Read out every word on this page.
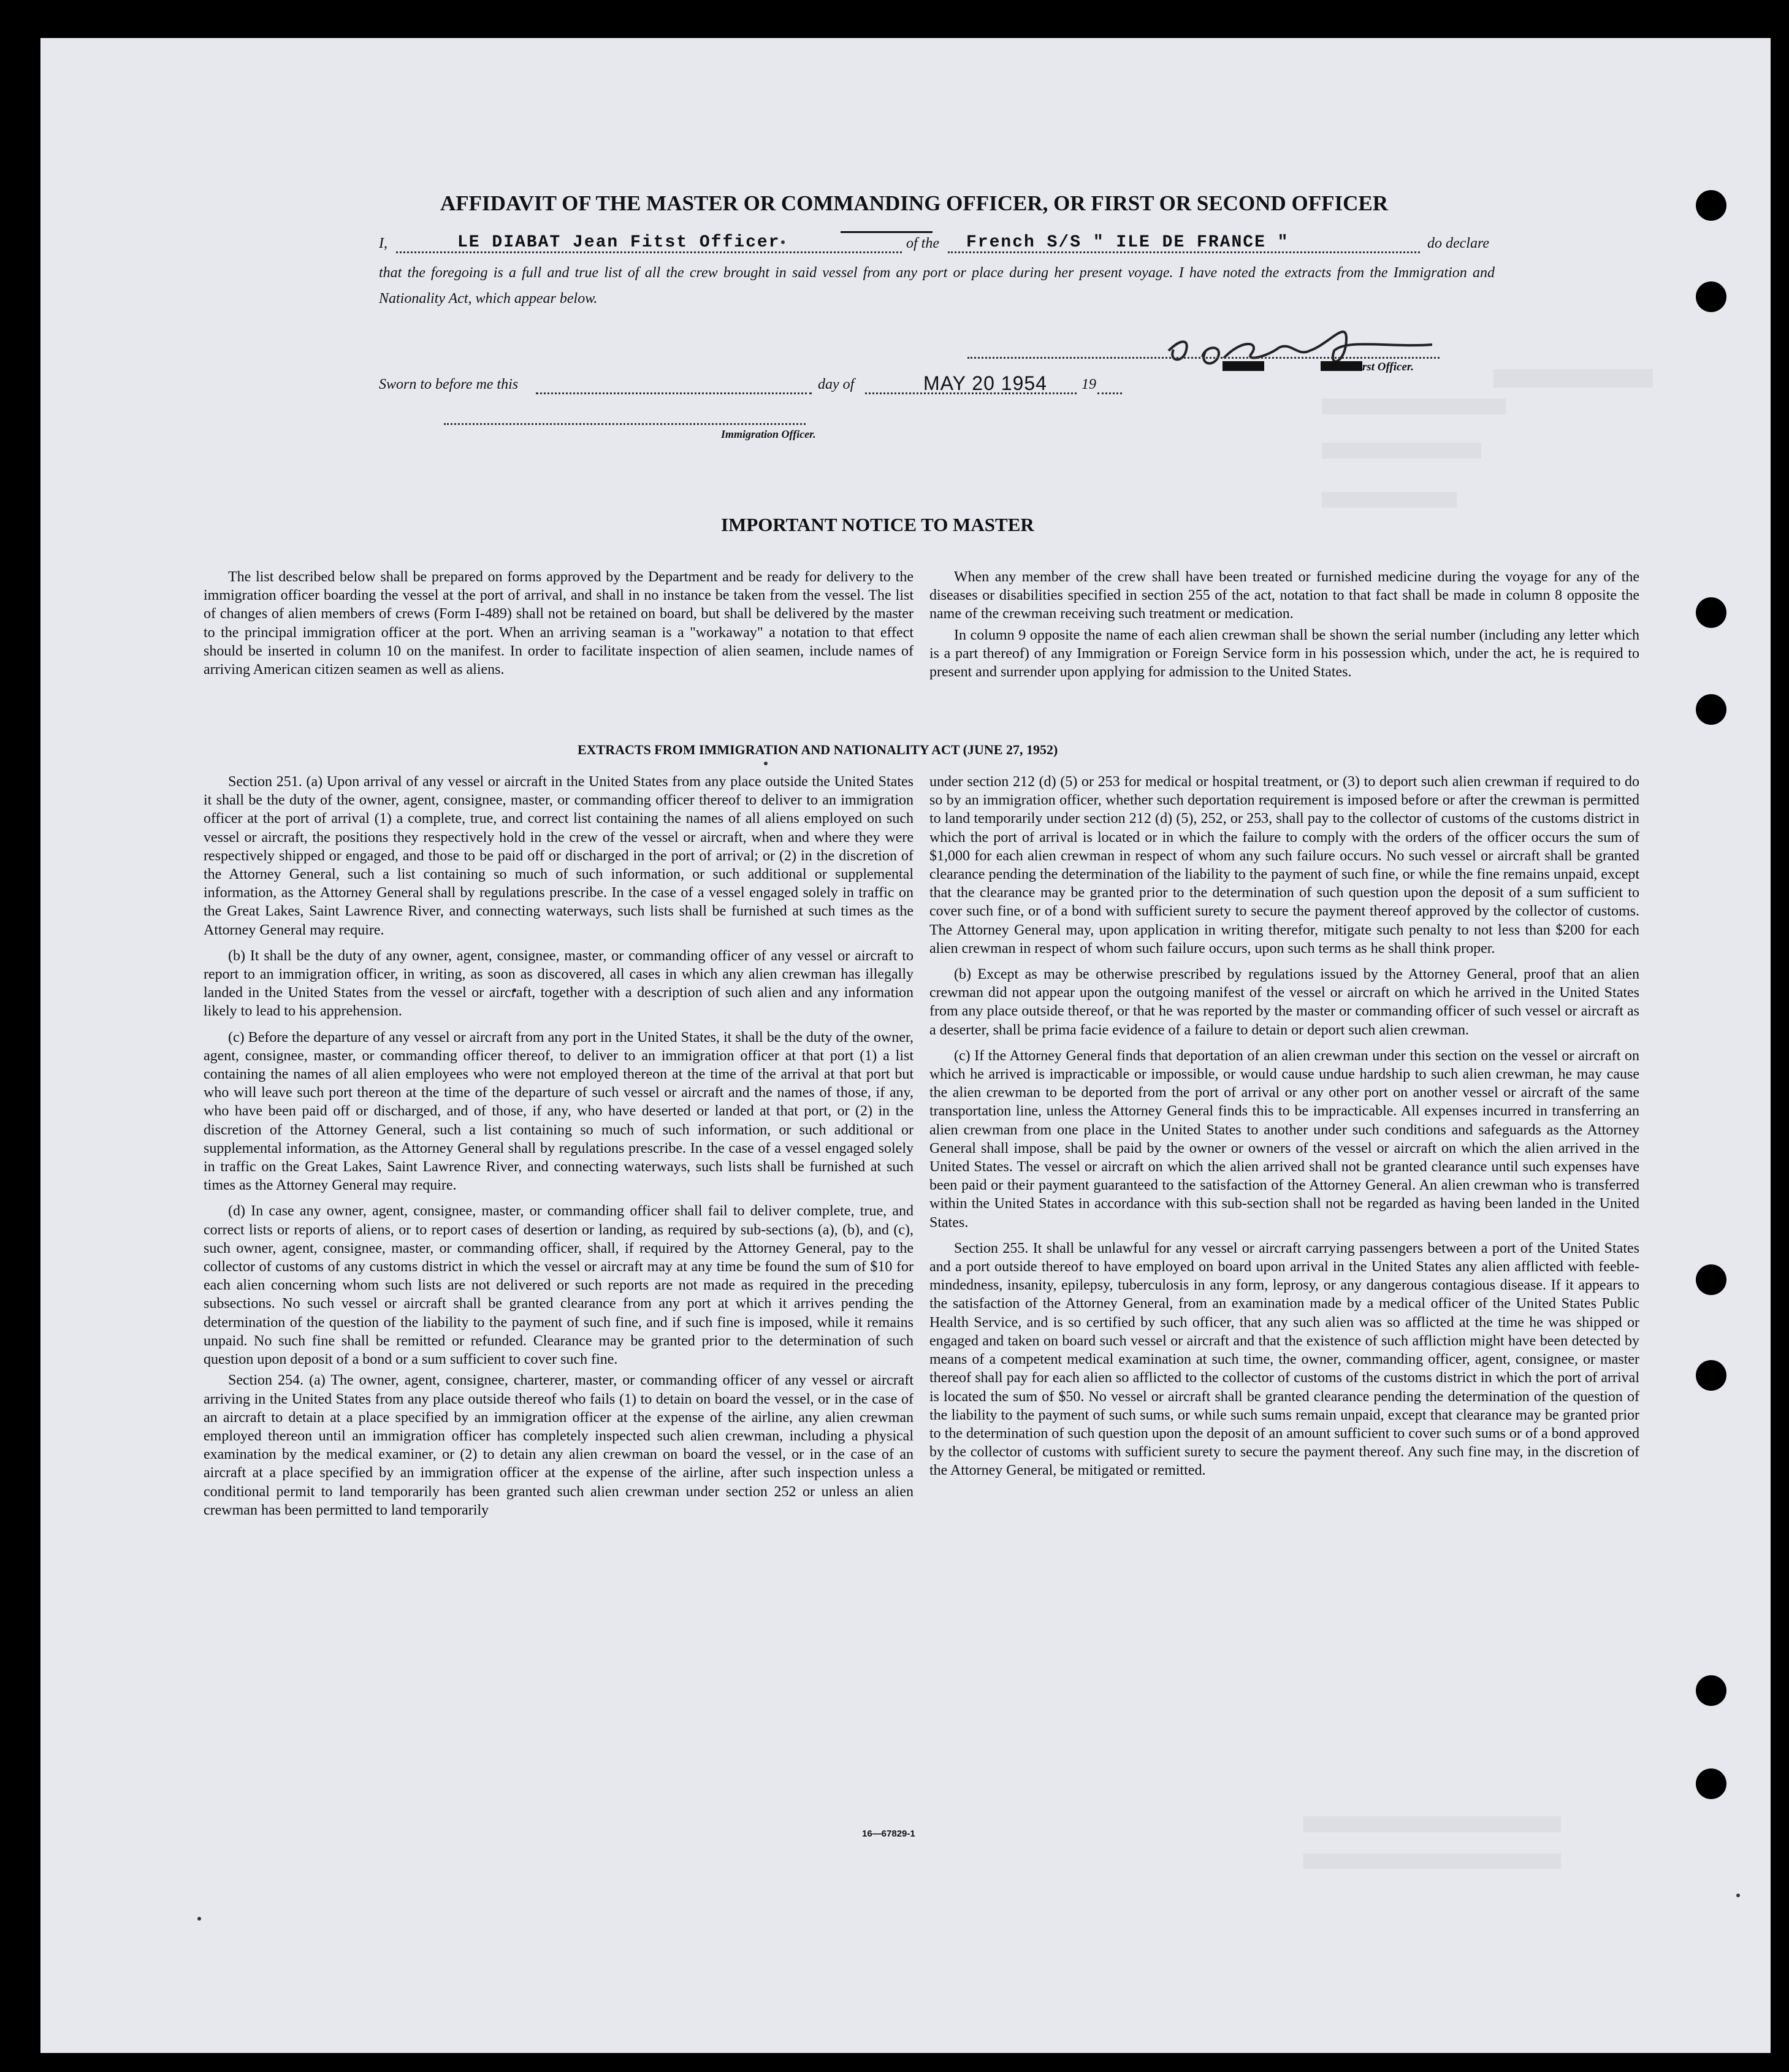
AFFIDAVIT OF THE MASTER OR COMMANDING OFFICER, OR FIRST OR SECOND OFFICER
I,	LE DIABAT Jean Fitst Officer	of the French S/S " ILE DE FRANCE "	do declare
that the foregoing is a full and true list of all the crew brought in said vessel from any port or place during her present voyage. I have noted the extracts from the Immigration and Nationality Act, which appear below.
First Officer.
Sworn to before me this	day of	MAY 20 1954 19
Immigration Officer.
IMPORTANT NOTICE TO MASTER

The list described below shall be prepared on forms approved by the Department and be ready for delivery to the immigration officer boarding the vessel at the port of arrival, and shall in no instance be taken from the vessel. The list of changes of alien members of crews (Form I-489) shall not be retained on board, but shall be delivered by the master to the principal immigration officer at the port. When an arriving seaman is a "workaway" a notation to that effect should be inserted in column 10 on the manifest. In order to facilitate inspection of alien seamen, include names of arriving American citizen seamen as well as aliens.

When any member of the crew shall have been treated or furnished medicine during the voyage for any of the diseases or disabilities specified in section 255 of the act, notation to that fact shall be made in column 8 opposite the name of the crewman receiving such treatment or medication.

In column 9 opposite the name of each alien crewman shall be shown the serial number (including any letter which is a part thereof) of any Immigration or Foreign Service form in his possession which, under the act, he is required to present and surrender upon applying for admission to the United States.

EXTRACTS FROM IMMIGRATION AND NATIONALITY ACT (JUNE 27, 1952)

Section 251. (a) Upon arrival of any vessel or aircraft in the United States from any place outside the United States it shall be the duty of the owner, agent, consignee, master, or commanding officer thereof to deliver to an immigration officer at the port of arrival (1) a complete, true, and correct list containing the names of all aliens employed on such vessel or aircraft, the positions they respectively hold in the crew of the vessel or aircraft, when and where they were respectively shipped or engaged, and those to be paid off or discharged in the port of arrival; or (2) in the discretion of the Attorney General, such a list containing so much of such information, or such additional or supplemental information, as the Attorney General shall by regulations prescribe. In the case of a vessel engaged solely in traffic on the Great Lakes, Saint Lawrence River, and connecting waterways, such lists shall be furnished at such times as the Attorney General may require.

(b) It shall be the duty of any owner, agent, consignee, master, or commanding officer of any vessel or aircraft to report to an immigration officer, in writing, as soon as discovered, all cases in which any alien crewman has illegally landed in the United States from the vessel or aircraft, together with a description of such alien and any information likely to lead to his apprehension.

(c) Before the departure of any vessel or aircraft from any port in the United States, it shall be the duty of the owner, agent, consignee, master, or commanding officer thereof, to deliver to an immigration officer at that port (1) a list containing the names of all alien employees who were not employed thereon at the time of the arrival at that port but who will leave such port thereon at the time of the departure of such vessel or aircraft and the names of those, if any, who have been paid off or discharged, and of those, if any, who have deserted or landed at that port, or (2) in the discretion of the Attorney General, such a list containing so much of such information, or such additional or supplemental information, as the Attorney General shall by regulations prescribe. In the case of a vessel engaged solely in traffic on the Great Lakes, Saint Lawrence River, and connecting waterways, such lists shall be furnished at such times as the Attorney General may require.

(d) In case any owner, agent, consignee, master, or commanding officer shall fail to deliver complete, true, and correct lists or reports of aliens, or to report cases of desertion or landing, as required by sub-sections (a), (b), and (c), such owner, agent, consignee, master, or commanding officer, shall, if required by the Attorney General, pay to the collector of customs of any customs district in which the vessel or aircraft may at any time be found the sum of $10 for each alien concerning whom such lists are not delivered or such reports are not made as required in the preceding subsections. No such vessel or aircraft shall be granted clearance from any port at which it arrives pending the determination of the question of the liability to the payment of such fine, and if such fine is imposed, while it remains unpaid. No such fine shall be remitted or refunded. Clearance may be granted prior to the determination of such question upon deposit of a bond or a sum sufficient to cover such fine.

Section 254. (a) The owner, agent, consignee, charterer, master, or commanding officer of any vessel or aircraft arriving in the United States from any place outside thereof who fails (1) to detain on board the vessel, or in the case of an aircraft to detain at a place specified by an immigration officer at the expense of the airline, any alien crewman employed thereon until an immigration officer has completely inspected such alien crewman, including a physical examination by the medical examiner, or (2) to detain any alien crewman on board the vessel, or in the case of an aircraft at a place specified by an immigration officer at the expense of the airline, after such inspection unless a conditional permit to land temporarily has been granted such alien crewman under section 252 or unless an alien crewman has been permitted to land temporarily

under section 212 (d) (5) or 253 for medical or hospital treatment, or (3) to deport such alien crewman if required to do so by an immigration officer, whether such deportation requirement is imposed before or after the crewman is permitted to land temporarily under section 212 (d) (5), 252, or 253, shall pay to the collector of customs of the customs district in which the port of arrival is located or in which the failure to comply with the orders of the officer occurs the sum of $1,000 for each alien crewman in respect of whom any such failure occurs. No such vessel or aircraft shall be granted clearance pending the determination of the liability to the payment of such fine, or while the fine remains unpaid, except that the clearance may be granted prior to the determination of such question upon the deposit of a sum sufficient to cover such fine, or of a bond with sufficient surety to secure the payment thereof approved by the collector of customs. The Attorney General may, upon application in writing therefor, mitigate such penalty to not less than $200 for each alien crewman in respect of whom such failure occurs, upon such terms as he shall think proper.

(b) Except as may be otherwise prescribed by regulations issued by the Attorney General, proof that an alien crewman did not appear upon the outgoing manifest of the vessel or aircraft on which he arrived in the United States from any place outside thereof, or that he was reported by the master or commanding officer of such vessel or aircraft as a deserter, shall be prima facie evidence of a failure to detain or deport such alien crewman.

(c) If the Attorney General finds that deportation of an alien crewman under this section on the vessel or aircraft on which he arrived is impracticable or impossible, or would cause undue hardship to such alien crewman, he may cause the alien crewman to be deported from the port of arrival or any other port on another vessel or aircraft of the same transportation line, unless the Attorney General finds this to be impracticable. All expenses incurred in transferring an alien crewman from one place in the United States to another under such conditions and safeguards as the Attorney General shall impose, shall be paid by the owner or owners of the vessel or aircraft on which the alien arrived in the United States. The vessel or aircraft on which the alien arrived shall not be granted clearance until such expenses have been paid or their payment guaranteed to the satisfaction of the Attorney General. An alien crewman who is transferred within the United States in accordance with this sub-section shall not be regarded as having been landed in the United States.

Section 255. It shall be unlawful for any vessel or aircraft carrying passengers between a port of the United States and a port outside thereof to have employed on board upon arrival in the United States any alien afflicted with feeble-mindedness, insanity, epilepsy, tuberculosis in any form, leprosy, or any dangerous contagious disease. If it appears to the satisfaction of the Attorney General, from an examination made by a medical officer of the United States Public Health Service, and is so certified by such officer, that any such alien was so afflicted at the time he was shipped or engaged and taken on board such vessel or aircraft and that the existence of such affliction might have been detected by means of a competent medical examination at such time, the owner, commanding officer, agent, consignee, or master thereof shall pay for each alien so afflicted to the collector of customs of the customs district in which the port of arrival is located the sum of $50. No vessel or aircraft shall be granted clearance pending the determination of the question of the liability to the payment of such sums, or while such sums remain unpaid, except that clearance may be granted prior to the determination of such question upon the deposit of an amount sufficient to cover such sums or of a bond approved by the collector of customs with sufficient surety to secure the payment thereof. Any such fine may, in the discretion of the Attorney General, be mitigated or remitted.

16—67829-1
